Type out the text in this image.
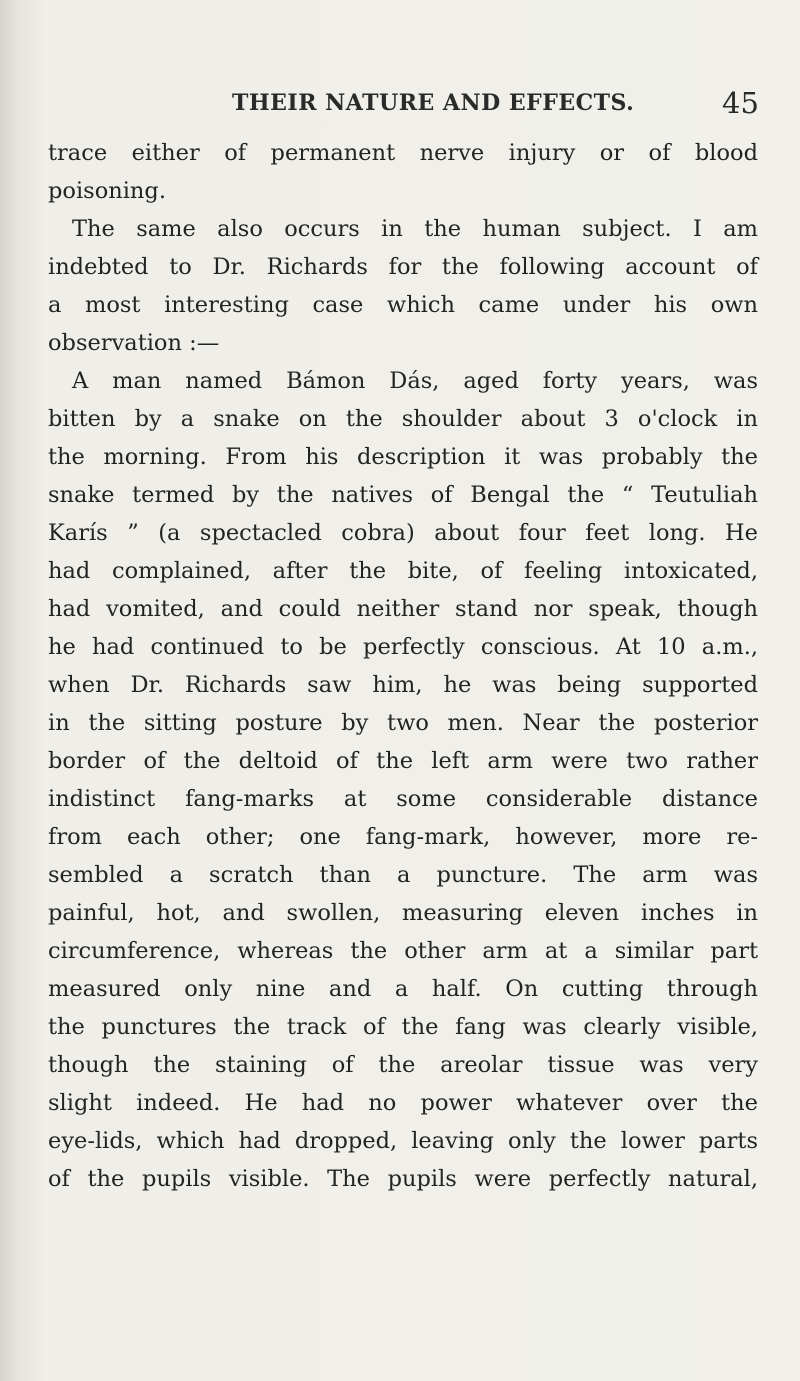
THEIR NATURE AND EFFECTS.	45
trace either of permanent nerve injury or of blood
poisoning.
The same also occurs in the human subject. I am
indebted to Dr. Richards for the following account of
a most interesting case which came under his own
observation :—
A man named Bámon Dás, aged forty years, was
bitten by a snake on the shoulder about 3 o'clock in
the morning. From his description it was probably the
snake termed by the natives of Bengal the “ Teutuliah
Karís ” (a spectacled cobra) about four feet long. He
had complained, after the bite, of feeling intoxicated,
had vomited, and could neither stand nor speak, though
he had continued to be perfectly conscious. At 10 a.m.,
when Dr. Richards saw him, he was being supported
in the sitting posture by two men. Near the posterior
border of the deltoid of the left arm were two rather
indistinct fang-marks at some considerable distance
from each other; one fang-mark, however, more re-
sembled a scratch than a puncture. The arm was
painful, hot, and swollen, measuring eleven inches in
circumference, whereas the other arm at a similar part
measured only nine and a half. On cutting through
the punctures the track of the fang was clearly visible,
though the staining of the areolar tissue was very
slight indeed. He had no power whatever over the
eye-lids, which had dropped, leaving only the lower parts
of the pupils visible. The pupils were perfectly natural,
